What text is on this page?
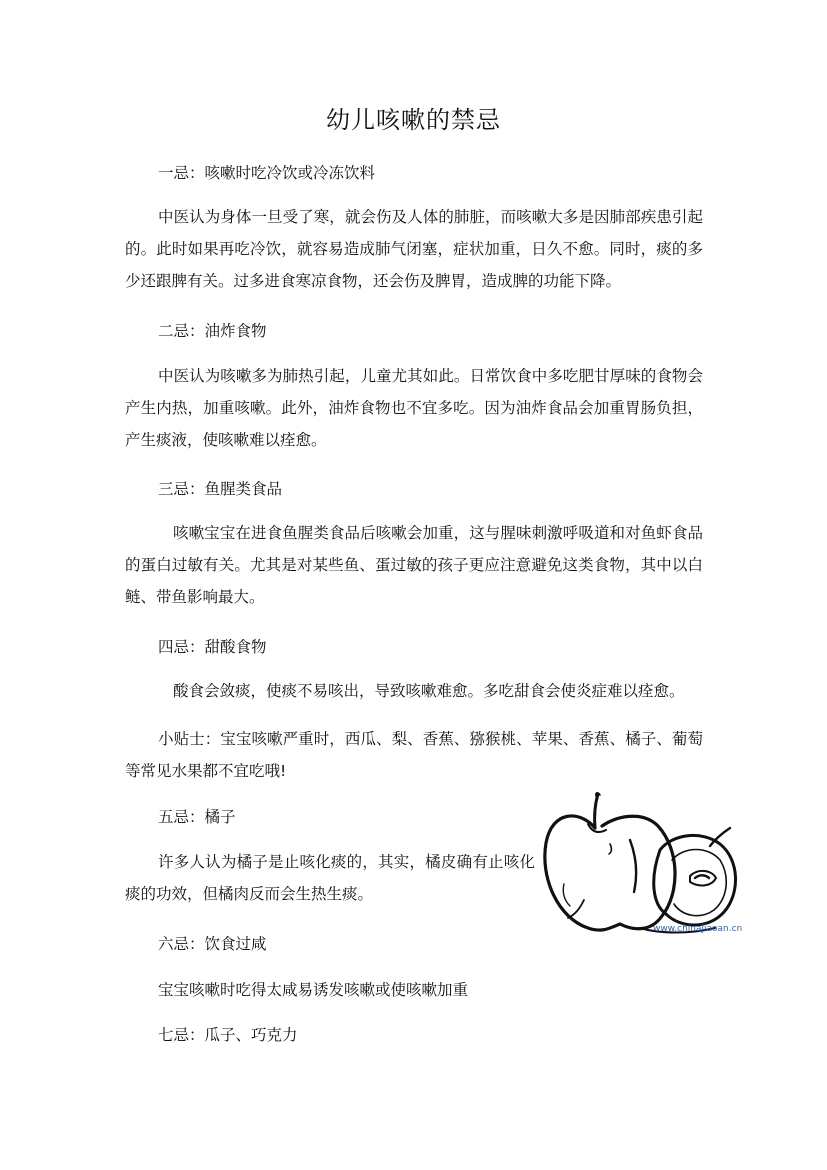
幼儿咳嗽的禁忌
一忌：咳嗽时吃冷饮或冷冻饮料
中医认为身体一旦受了寒，就会伤及人体的肺脏，而咳嗽大多是因肺部疾患引起的。此时如果再吃冷饮，就容易造成肺气闭塞，症状加重，日久不愈。同时，痰的多少还跟脾有关。过多进食寒凉食物，还会伤及脾胃，造成脾的功能下降。
二忌：油炸食物
中医认为咳嗽多为肺热引起，儿童尤其如此。日常饮食中多吃肥甘厚味的食物会产生内热，加重咳嗽。此外，油炸食物也不宜多吃。因为油炸食品会加重胃肠负担，产生痰液，使咳嗽难以痊愈。
三忌：鱼腥类食品
咳嗽宝宝在进食鱼腥类食品后咳嗽会加重，这与腥味刺激呼吸道和对鱼虾食品的蛋白过敏有关。尤其是对某些鱼、蛋过敏的孩子更应注意避免这类食物，其中以白鲢、带鱼影响最大。
四忌：甜酸食物
酸食会敛痰，使痰不易咳出，导致咳嗽难愈。多吃甜食会使炎症难以痊愈。
小贴士：宝宝咳嗽严重时，西瓜、梨、香蕉、猕猴桃、苹果、香蕉、橘子、葡萄等常见水果都不宜吃哦!
五忌：橘子
许多人认为橘子是止咳化痰的，其实，橘皮确有止咳化痰的功效，但橘肉反而会生热生痰。
六忌：饮食过咸
宝宝咳嗽时吃得太咸易诱发咳嗽或使咳嗽加重
七忌：瓜子、巧克力
www.chinajiaoan.cn
